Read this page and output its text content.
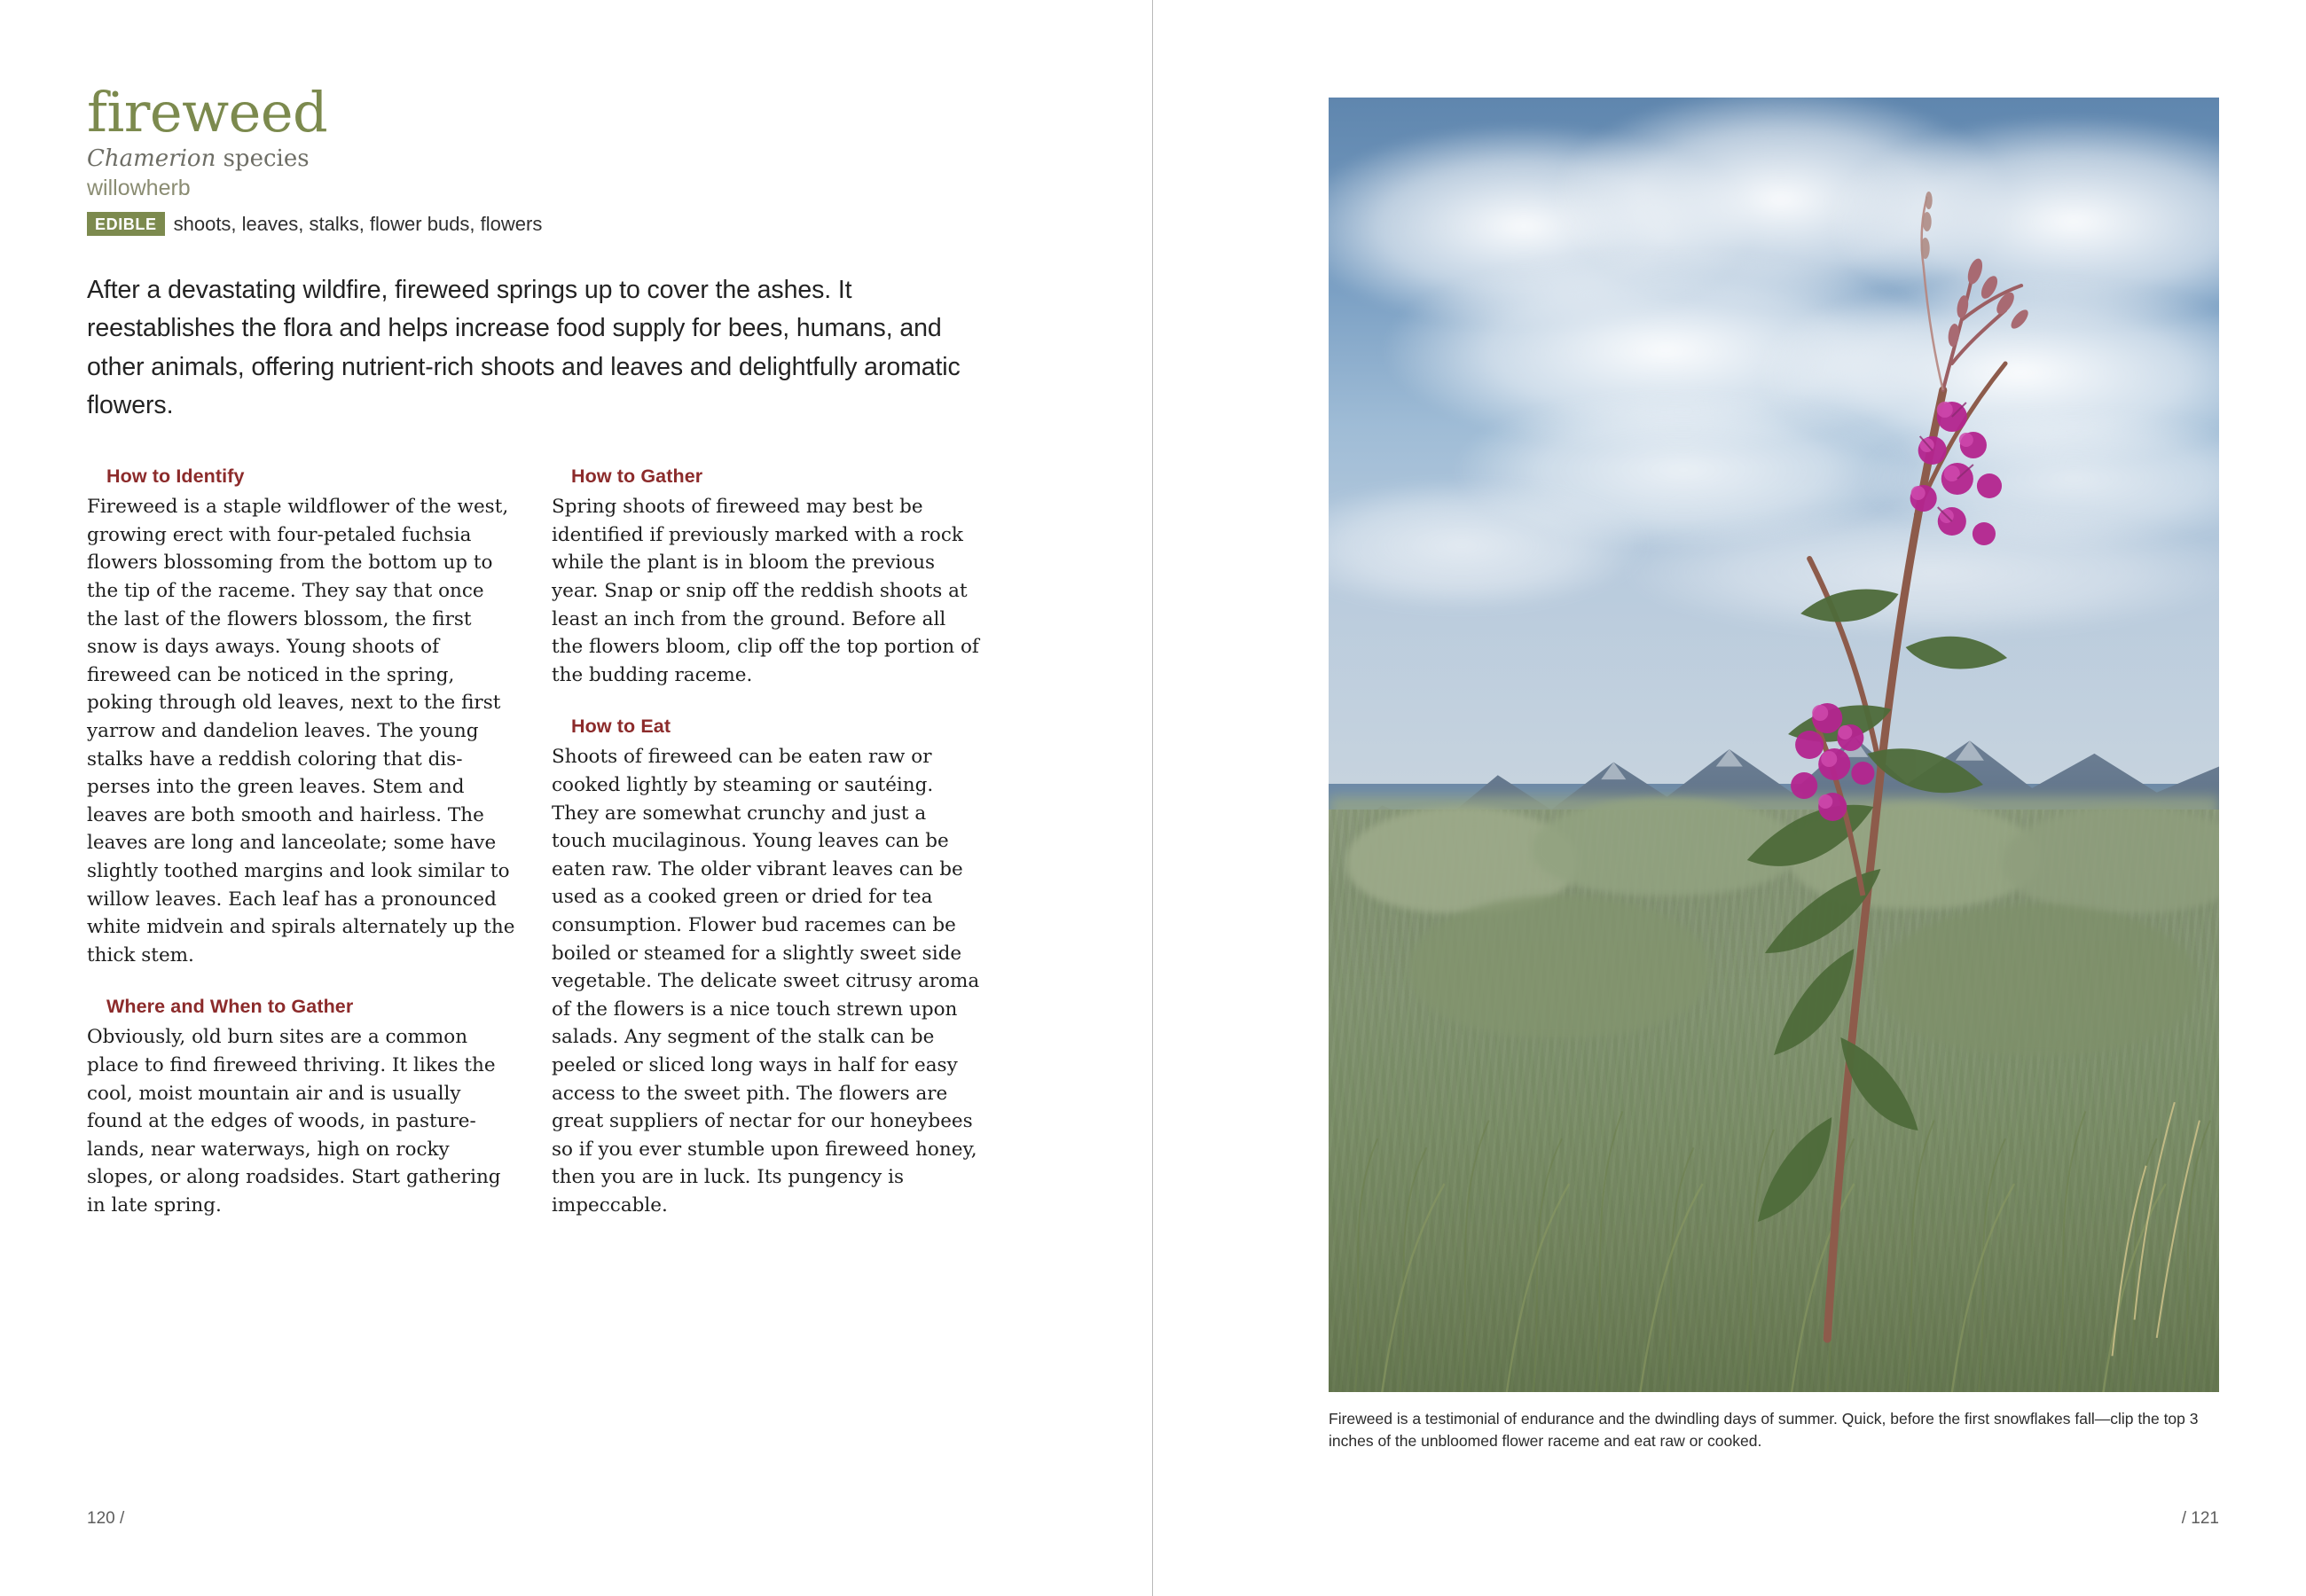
fireweed
Chamerion species
willowherb
EDIBLE shoots, leaves, stalks, flower buds, flowers

After a devastating wildfire, fireweed springs up to cover the ashes. It reestablishes the flora and helps increase food supply for bees, humans, and other animals, offering nutrient-rich shoots and leaves and delightfully aromatic flowers.

How to Identify

Fireweed is a staple wildflower of the west, growing erect with four-petaled fuchsia flowers blossoming from the bottom up to the tip of the raceme. They say that once the last of the flowers blossom, the first snow is days aways. Young shoots of fireweed can be noticed in the spring, poking through old leaves, next to the first yarrow and dandelion leaves. The young stalks have a reddish coloring that dis-perses into the green leaves. Stem and leaves are both smooth and hairless. The leaves are long and lanceolate; some have slightly toothed margins and look similar to willow leaves. Each leaf has a pronounced white midvein and spirals alternately up the thick stem.

Where and When to Gather

Obviously, old burn sites are a common place to find fireweed thriving. It likes the cool, moist mountain air and is usually found at the edges of woods, in pasture-lands, near waterways, high on rocky slopes, or along roadsides. Start gathering in late spring.

How to Gather

Spring shoots of fireweed may best be identified if previously marked with a rock while the plant is in bloom the previous year. Snap or snip off the reddish shoots at least an inch from the ground. Before all the flowers bloom, clip off the top portion of the budding raceme.

How to Eat

Shoots of fireweed can be eaten raw or cooked lightly by steaming or sautéing. They are somewhat crunchy and just a touch mucilaginous. Young leaves can be eaten raw. The older vibrant leaves can be used as a cooked green or dried for tea consumption. Flower bud racemes can be boiled or steamed for a slightly sweet side vegetable. The delicate sweet citrusy aroma of the flowers is a nice touch strewn upon salads. Any segment of the stalk can be peeled or sliced long ways in half for easy access to the sweet pith. The flowers are great suppliers of nectar for our honeybees so if you ever stumble upon fireweed honey, then you are in luck. Its pungency is impeccable.

120 /
Fireweed is a testimonial of endurance and the dwindling days of summer. Quick, before the first snowflakes fall—clip the top 3 inches of the unbloomed flower raceme and eat raw or cooked.
/ 121
